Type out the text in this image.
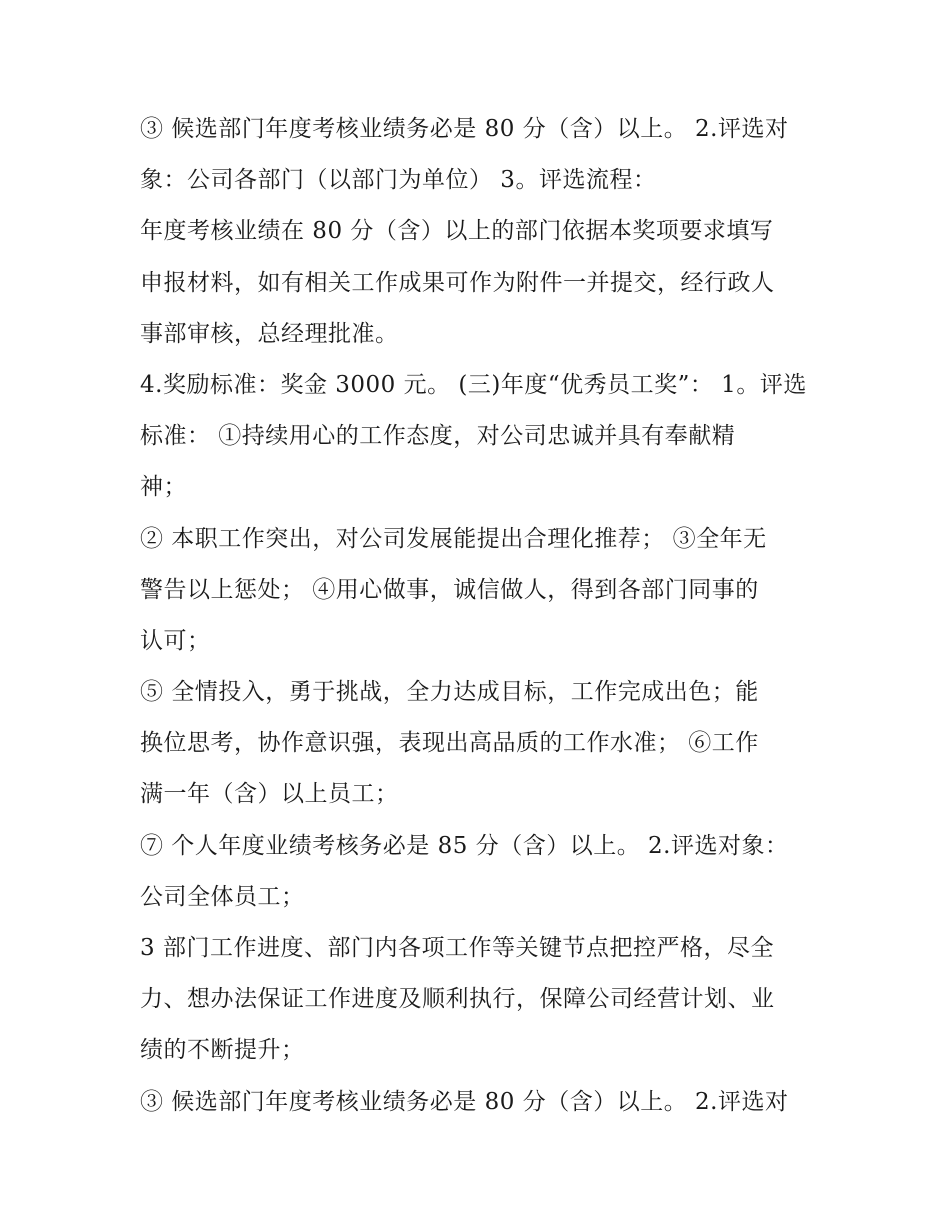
③ 候选部门年度考核业绩务必是 80 分（含）以上。 2.评选对
象：公司各部门（以部门为单位） 3。评选流程：
年度考核业绩在 80 分（含）以上的部门依据本奖项要求填写
申报材料，如有相关工作成果可作为附件一并提交，经行政人
事部审核，总经理批准。
4.奖励标准：奖金 3000 元。 (三)年度“优秀员工奖”： 1。评选
标准： ①持续用心的工作态度，对公司忠诚并具有奉献精
神；
② 本职工作突出，对公司发展能提出合理化推荐； ③全年无
警告以上惩处； ④用心做事，诚信做人，得到各部门同事的
认可；
⑤ 全情投入，勇于挑战，全力达成目标，工作完成出色；能
换位思考，协作意识强，表现出高品质的工作水准； ⑥工作
满一年（含）以上员工；
⑦ 个人年度业绩考核务必是 85 分（含）以上。 2.评选对象：
公司全体员工；
3 部门工作进度、部门内各项工作等关键节点把控严格，尽全
力、想办法保证工作进度及顺利执行，保障公司经营计划、业
绩的不断提升；
③ 候选部门年度考核业绩务必是 80 分（含）以上。 2.评选对
